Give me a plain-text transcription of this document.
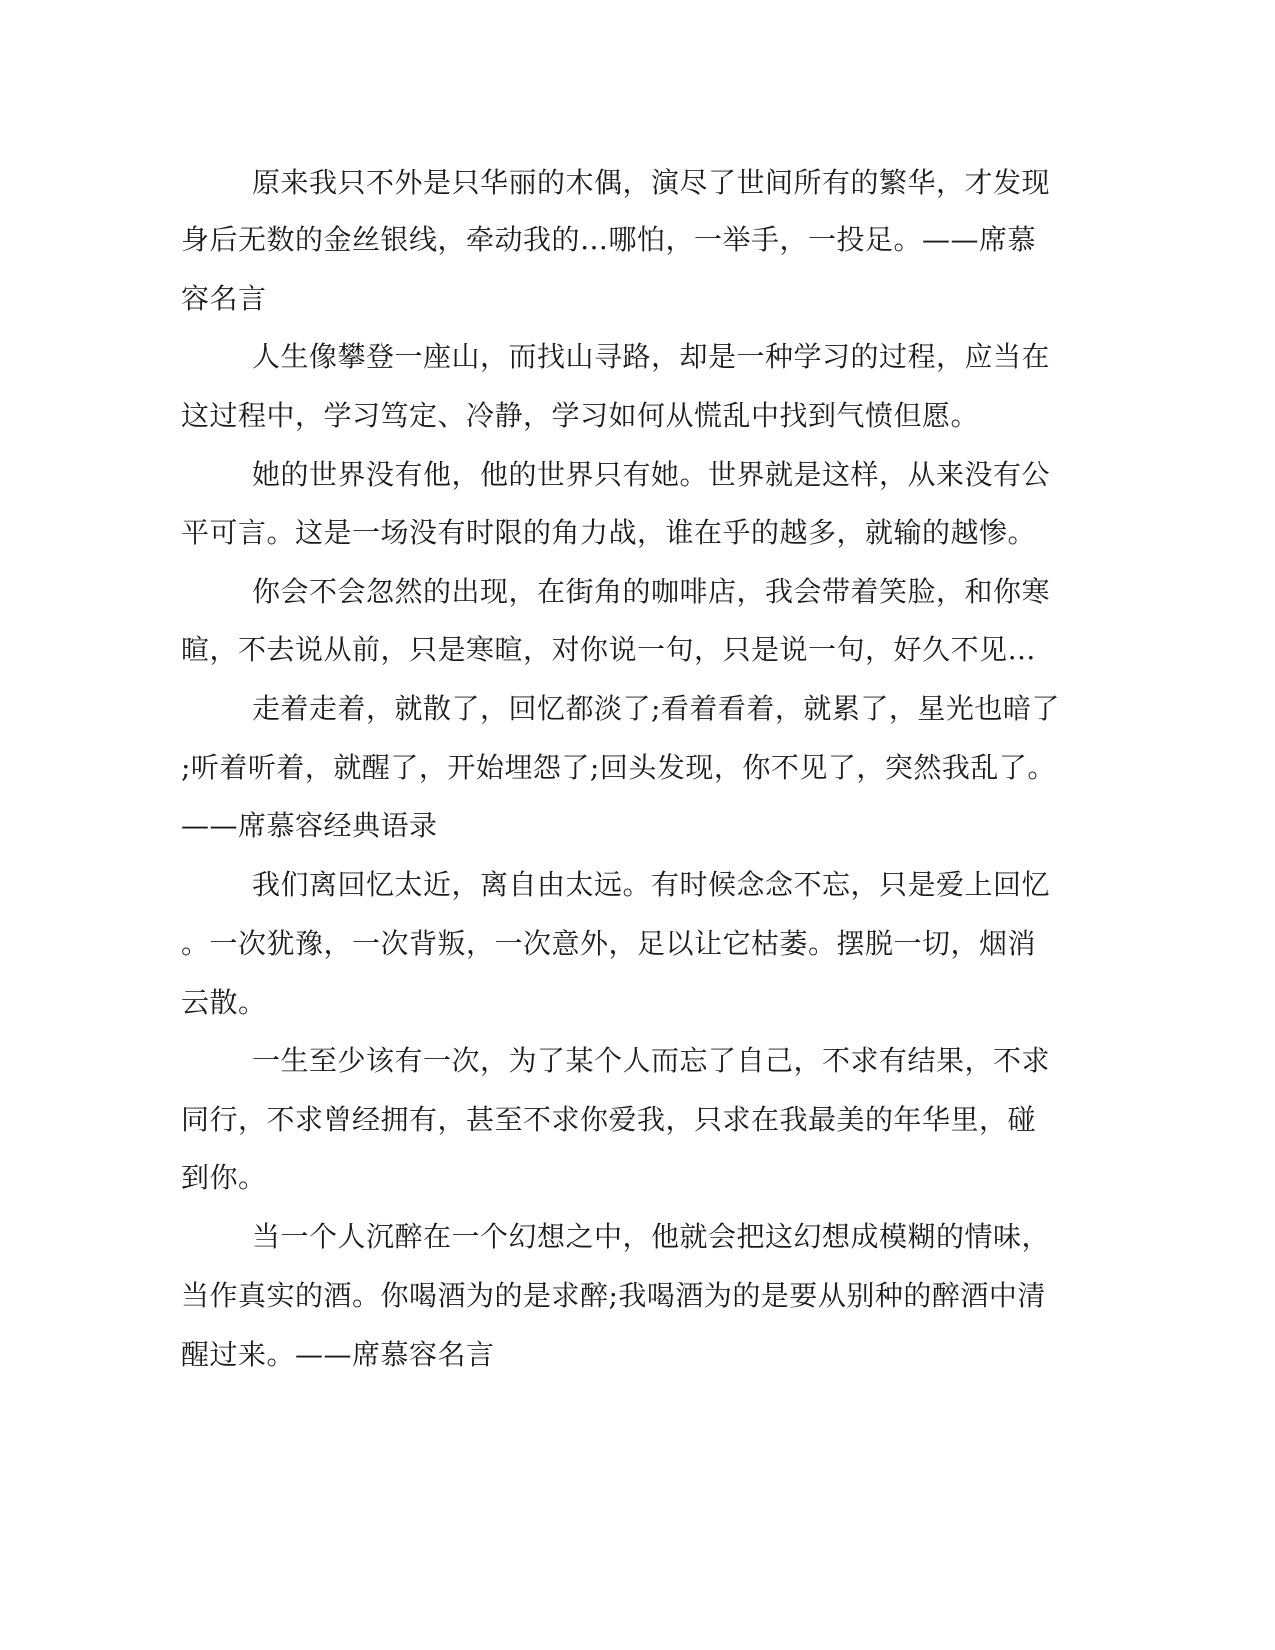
原来我只不外是只华丽的木偶，演尽了世间所有的繁华，才发现

身后无数的金丝银线，牵动我的…哪怕，一举手，一投足。——席慕

容名言

人生像攀登一座山，而找山寻路，却是一种学习的过程，应当在

这过程中，学习笃定、冷静，学习如何从慌乱中找到气愤但愿。

她的世界没有他，他的世界只有她。世界就是这样，从来没有公

平可言。这是一场没有时限的角力战，谁在乎的越多，就输的越惨。

你会不会忽然的出现，在街角的咖啡店，我会带着笑脸，和你寒

暄，不去说从前，只是寒暄，对你说一句，只是说一句，好久不见…

走着走着，就散了，回忆都淡了;看着看着，就累了，星光也暗了

;听着听着，就醒了，开始埋怨了;回头发现，你不见了，突然我乱了。

——席慕容经典语录

我们离回忆太近，离自由太远。有时候念念不忘，只是爱上回忆

。一次犹豫，一次背叛，一次意外，足以让它枯萎。摆脱一切，烟消

云散。

一生至少该有一次，为了某个人而忘了自己，不求有结果，不求

同行，不求曾经拥有，甚至不求你爱我，只求在我最美的年华里，碰

到你。

当一个人沉醉在一个幻想之中，他就会把这幻想成模糊的情味，

当作真实的酒。你喝酒为的是求醉;我喝酒为的是要从别种的醉酒中清

醒过来。——席慕容名言
